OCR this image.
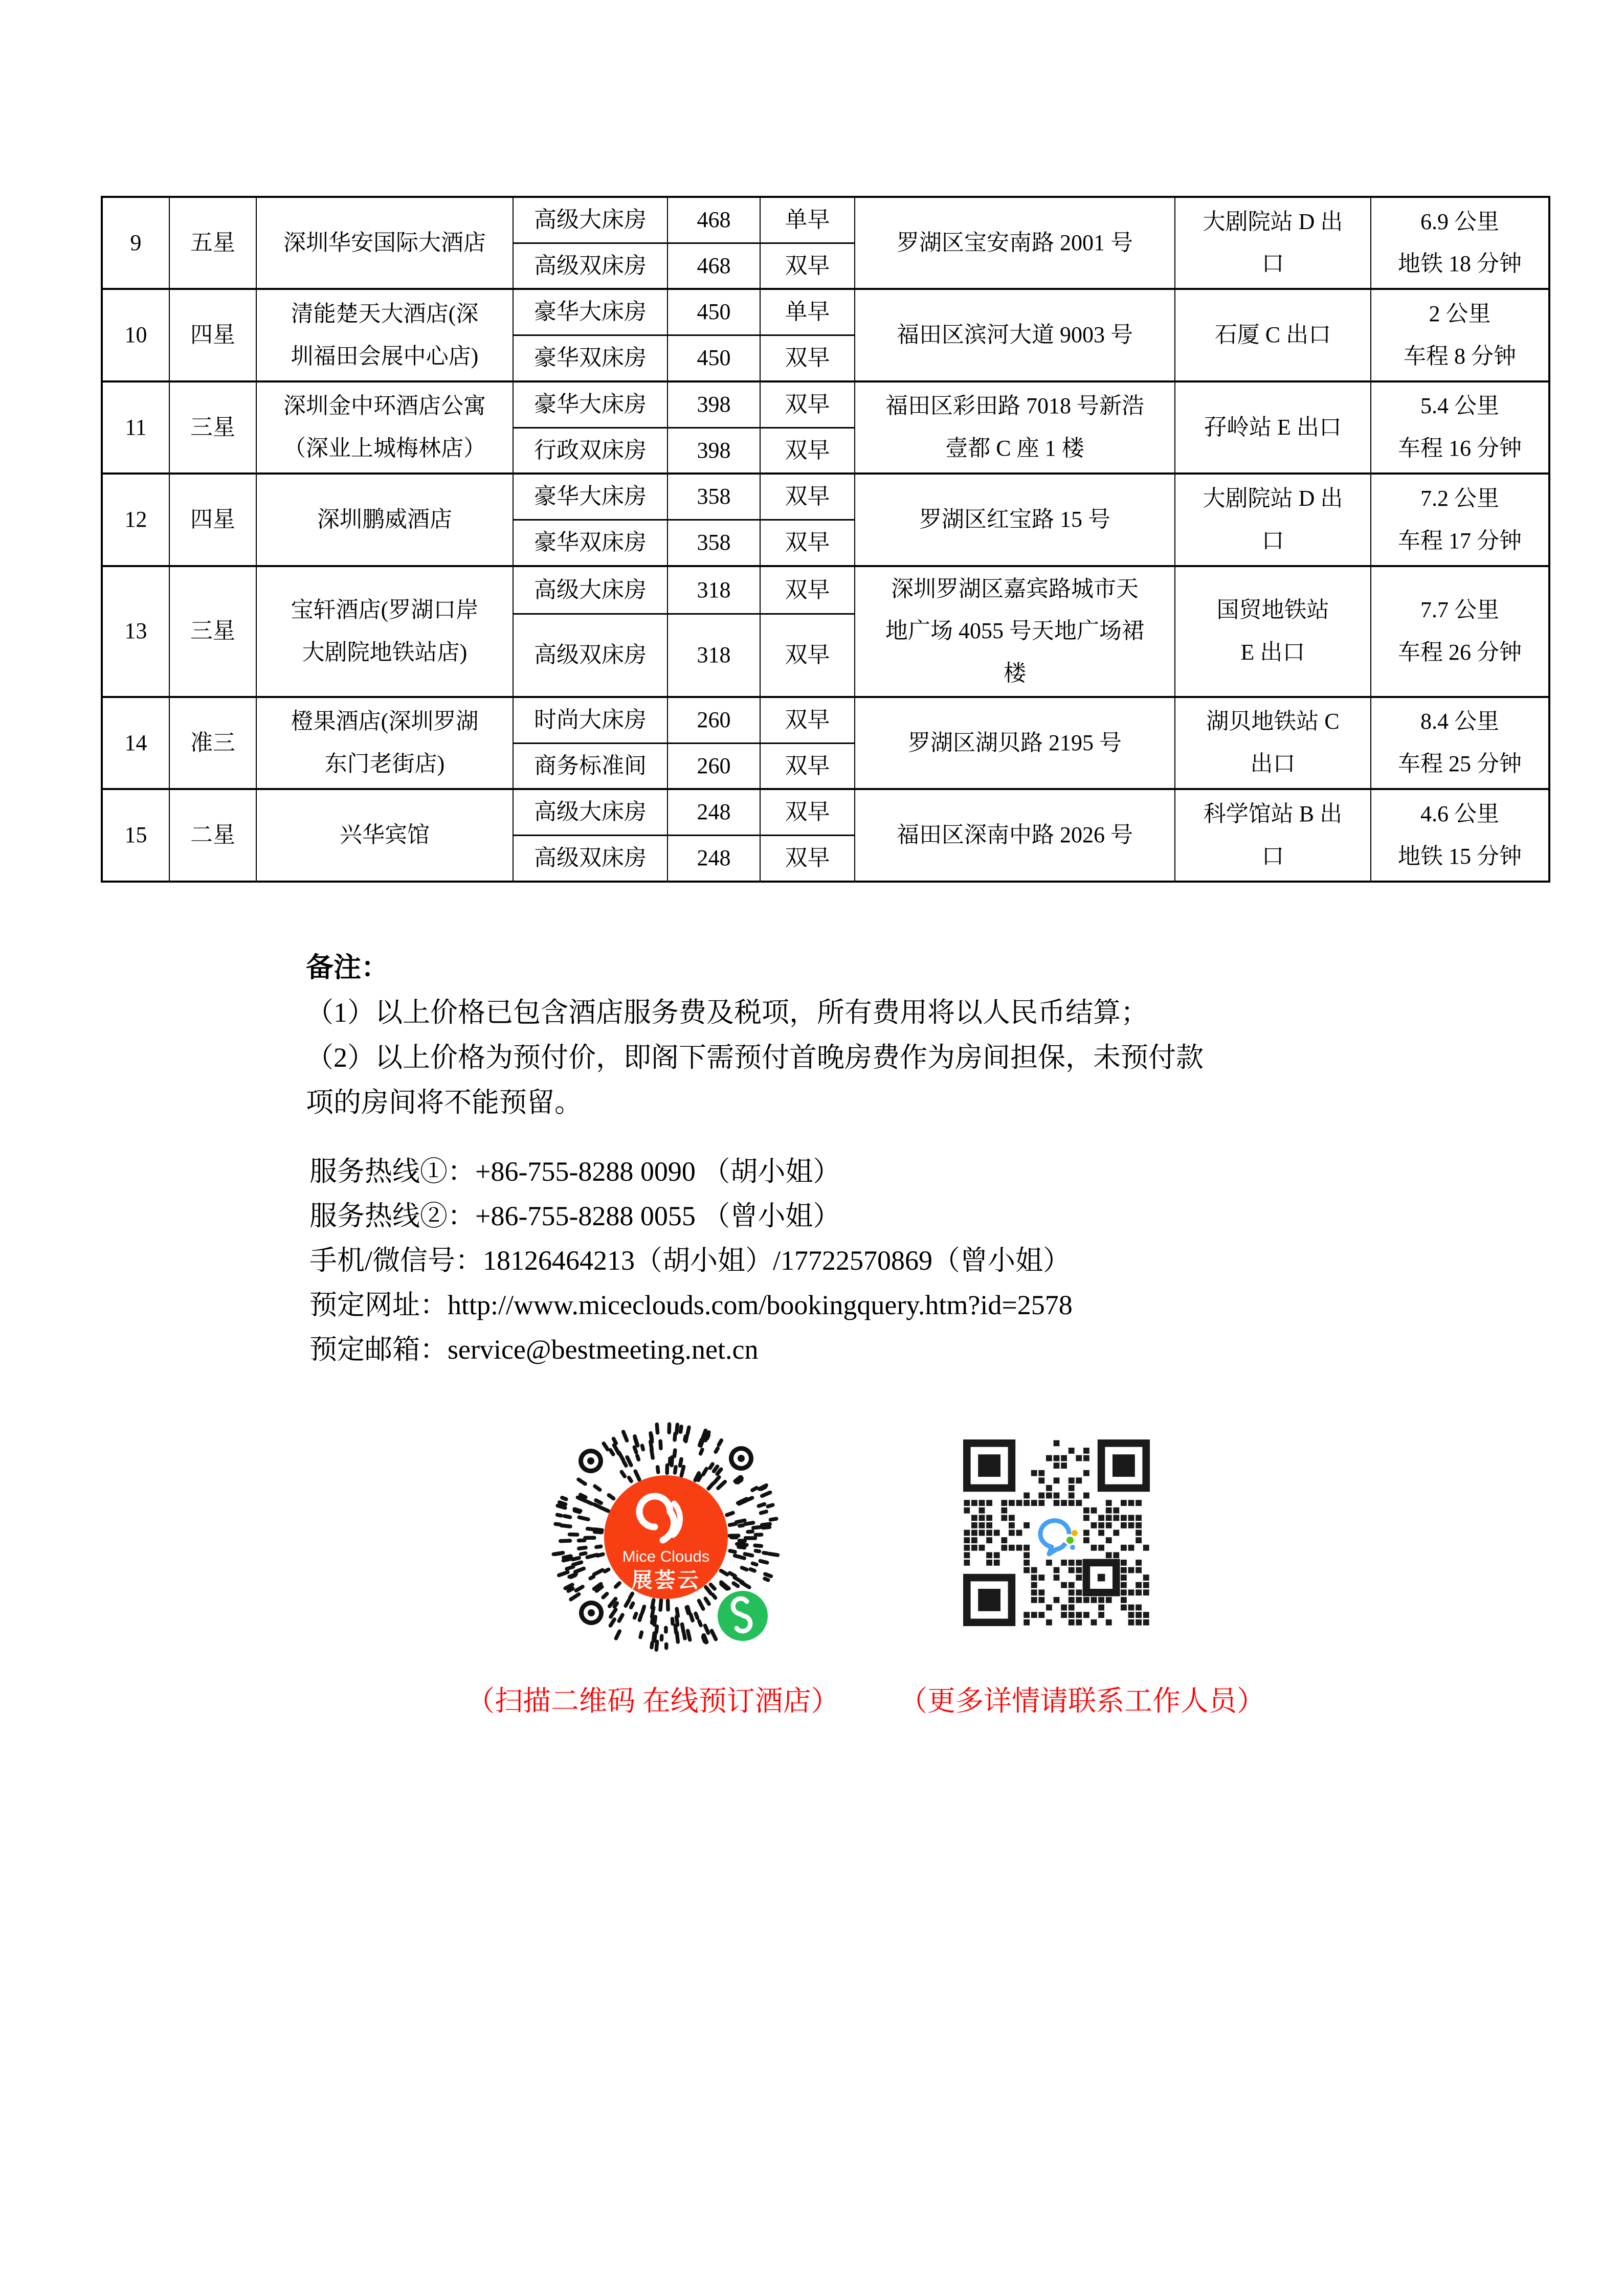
9	五星	深圳华安国际大酒店	高级大床房	468	单早	罗湖区宝安南路 2001 号	大剧院站 D 出
口	6.9 公里
地铁 18 分钟

			高级双床房	468	双早			

10	四星	清能楚天大酒店(深
圳福田会展中心店)	豪华大床房	450	单早	福田区滨河大道 9003 号	石厦 C 出口	2 公里
车程 8 分钟

			豪华双床房	450	双早			

11	三星	深圳金中环酒店公寓
（深业上城梅林店）	豪华大床房	398	双早	福田区彩田路 7018 号新浩
壹都 C 座 1 楼	孖岭站 E 出口	5.4 公里
车程 16 分钟

			行政双床房	398	双早			

12	四星	深圳鹏威酒店	豪华大床房	358	双早	罗湖区红宝路 15 号	大剧院站 D 出
口	7.2 公里
车程 17 分钟

			豪华双床房	358	双早			

13	三星	宝轩酒店(罗湖口岸
大剧院地铁站店)	高级大床房	318	双早	深圳罗湖区嘉宾路城市天
地广场 4055 号天地广场裙
楼	国贸地铁站
E 出口	7.7 公里
车程 26 分钟

			高级双床房	318	双早			

14	准三	橙果酒店(深圳罗湖
东门老街店)	时尚大床房	260	双早	罗湖区湖贝路 2195 号	湖贝地铁站 C
出口	8.4 公里
车程 25 分钟

			商务标准间	260	双早			

15	二星	兴华宾馆	高级大床房	248	双早	福田区深南中路 2026 号	科学馆站 B 出
口	4.6 公里
地铁 15 分钟

			高级双床房	248	双早			
备注：
（1）以上价格已包含酒店服务费及税项，所有费用将以人民币结算；
（2）以上价格为预付价，即阁下需预付首晚房费作为房间担保，未预付款
项的房间将不能预留。
服务热线①：+86-755-8288 0090 （胡小姐）
服务热线②：+86-755-8288 0055 （曾小姐）
手机/微信号：18126464213（胡小姐）/17722570869（曾小姐）
预定网址：http://www.miceclouds.com/bookingquery.htm?id=2578
预定邮箱：service@bestmeeting.net.cn
Mice Clouds
展荟云
（扫描二维码 在线预订酒店） （更多详情请联系工作人员）
